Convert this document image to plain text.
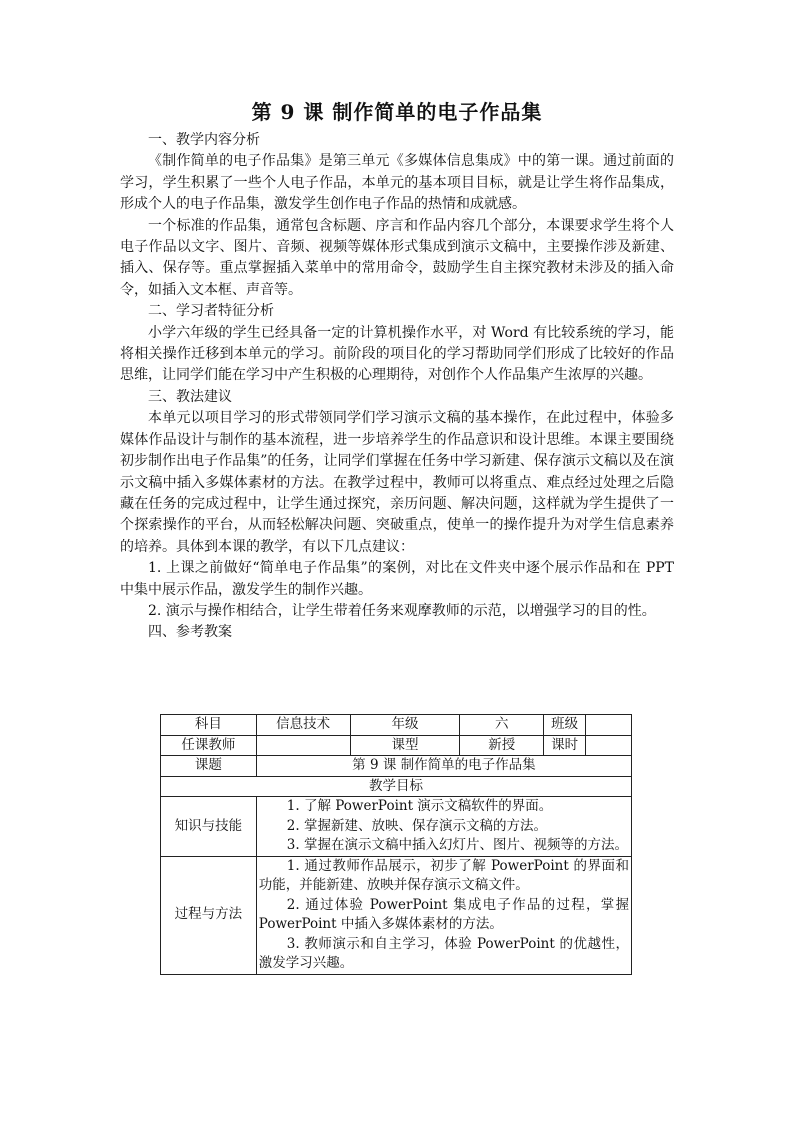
第 9 课 制作简单的电子作品集

一、教学内容分析

《制作简单的电子作品集》是第三单元《多媒体信息集成》中的第一课。通过前面的学习，学生积累了一些个人电子作品，本单元的基本项目目标，就是让学生将作品集成，形成个人的电子作品集，激发学生创作电子作品的热情和成就感。

一个标准的作品集，通常包含标题、序言和作品内容几个部分，本课要求学生将个人电子作品以文字、图片、音频、视频等媒体形式集成到演示文稿中，主要操作涉及新建、插入、保存等。重点掌握插入菜单中的常用命令，鼓励学生自主探究教材未涉及的插入命令，如插入文本框、声音等。

二、学习者特征分析

小学六年级的学生已经具备一定的计算机操作水平，对 Word 有比较系统的学习，能将相关操作迁移到本单元的学习。前阶段的项目化的学习帮助同学们形成了比较好的作品思维，让同学们能在学习中产生积极的心理期待，对创作个人作品集产生浓厚的兴趣。

三、教法建议

本单元以项目学习的形式带领同学们学习演示文稿的基本操作，在此过程中，体验多媒体作品设计与制作的基本流程，进一步培养学生的作品意识和设计思维。本课主要围绕初步制作出电子作品集”的任务，让同学们掌握在任务中学习新建、保存演示文稿以及在演示文稿中插入多媒体素材的方法。在教学过程中，教师可以将重点、难点经过处理之后隐藏在任务的完成过程中，让学生通过探究，亲历问题、解决问题，这样就为学生提供了一个探索操作的平台，从而轻松解决问题、突破重点，使单一的操作提升为对学生信息素养的培养。具体到本课的教学，有以下几点建议：

1. 上课之前做好“简单电子作品集”的案例，对比在文件夹中逐个展示作品和在 PPT 中集中展示作品，激发学生的制作兴趣。

2. 演示与操作相结合，让学生带着任务来观摩教师的示范，以增强学习的目的性。

四、参考教案

科目	信息技术	年级	六	班级	
任课教师		课型	新授	课时	
课题	第 9 课 制作简单的电子作品集				
教学目标					
知识与技能	1. 了解 PowerPoint 演示文稿软件的界面。

2. 掌握新建、放映、保存演示文稿的方法。

3. 掌握在演示文稿中插入幻灯片、图片、视频等的方法。				

过程与方法	1. 通过教师作品展示，初步了解 PowerPoint 的界面和功能，并能新建、放映并保存演示文稿文件。

2. 通过体验 PowerPoint 集成电子作品的过程，掌握 PowerPoint 中插入多媒体素材的方法。

3. 教师演示和自主学习，体验 PowerPoint 的优越性，激发学习兴趣。				
